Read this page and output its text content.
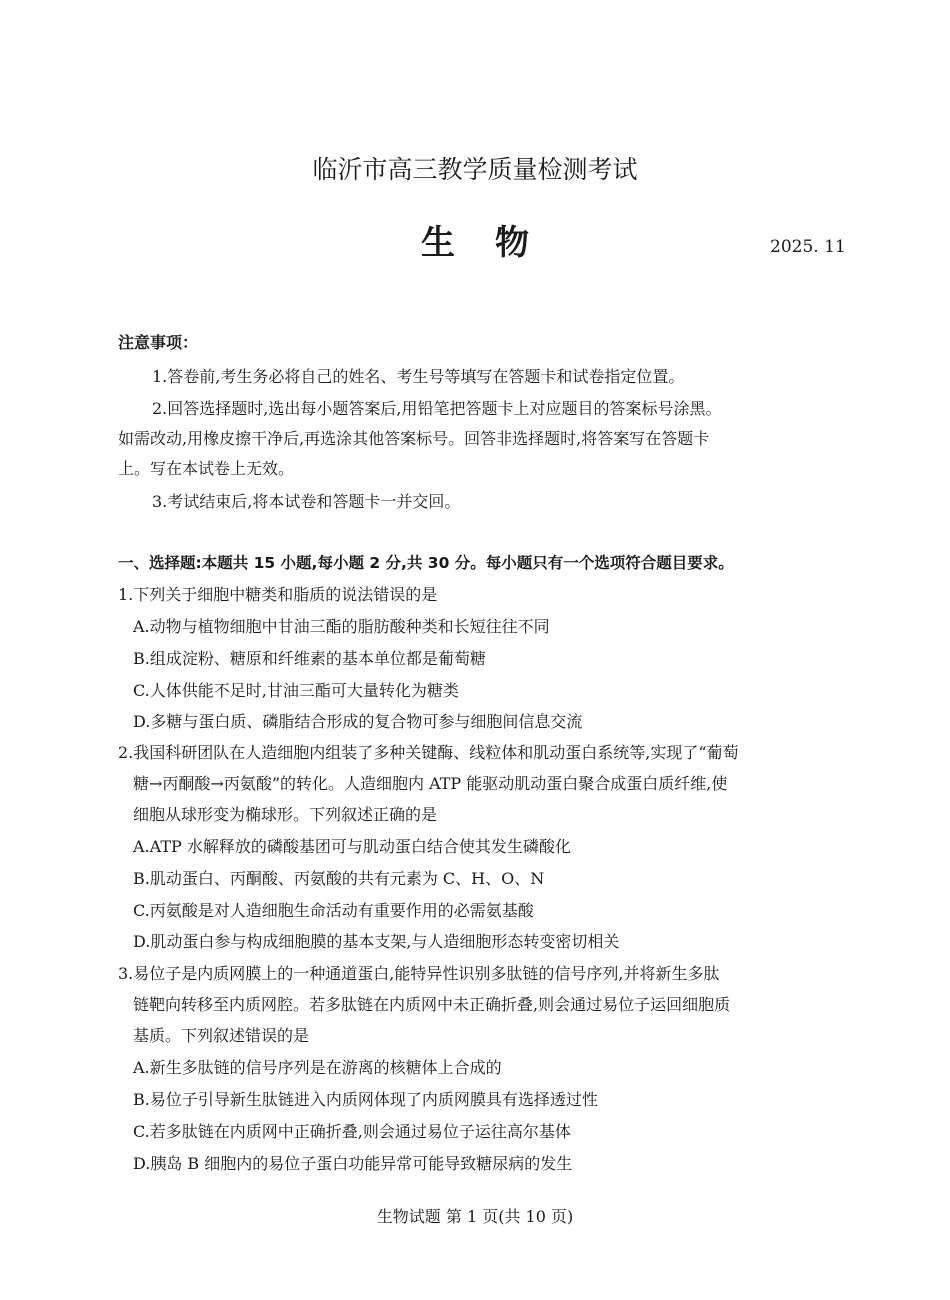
临沂市高三教学质量检测考试
生物	2025. 11
注意事项：
1.答卷前,考生务必将自己的姓名、考生号等填写在答题卡和试卷指定位置。
2.回答选择题时,选出每小题答案后,用铅笔把答题卡上对应题目的答案标号涂黑。
如需改动,用橡皮擦干净后,再选涂其他答案标号。回答非选择题时,将答案写在答题卡
上。写在本试卷上无效。
3.考试结束后,将本试卷和答题卡一并交回。
一、选择题:本题共 15 小题,每小题 2 分,共 30 分。每小题只有一个选项符合题目要求。
1.下列关于细胞中糖类和脂质的说法错误的是
A.动物与植物细胞中甘油三酯的脂肪酸种类和长短往往不同
B.组成淀粉、糖原和纤维素的基本单位都是葡萄糖
C.人体供能不足时,甘油三酯可大量转化为糖类
D.多糖与蛋白质、磷脂结合形成的复合物可参与细胞间信息交流
2.我国科研团队在人造细胞内组装了多种关键酶、线粒体和肌动蛋白系统等,实现了“葡萄
糖→丙酮酸→丙氨酸”的转化。人造细胞内 ATP 能驱动肌动蛋白聚合成蛋白质纤维,使
细胞从球形变为椭球形。下列叙述正确的是
A.ATP 水解释放的磷酸基团可与肌动蛋白结合使其发生磷酸化
B.肌动蛋白、丙酮酸、丙氨酸的共有元素为 C、H、O、N
C.丙氨酸是对人造细胞生命活动有重要作用的必需氨基酸
D.肌动蛋白参与构成细胞膜的基本支架,与人造细胞形态转变密切相关
3.易位子是内质网膜上的一种通道蛋白,能特异性识别多肽链的信号序列,并将新生多肽
链靶向转移至内质网腔。若多肽链在内质网中未正确折叠,则会通过易位子运回细胞质
基质。下列叙述错误的是
A.新生多肽链的信号序列是在游离的核糖体上合成的
B.易位子引导新生肽链进入内质网体现了内质网膜具有选择透过性
C.若多肽链在内质网中正确折叠,则会通过易位子运往高尔基体
D.胰岛 B 细胞内的易位子蛋白功能异常可能导致糖尿病的发生
生物试题 第 1 页(共 10 页)
